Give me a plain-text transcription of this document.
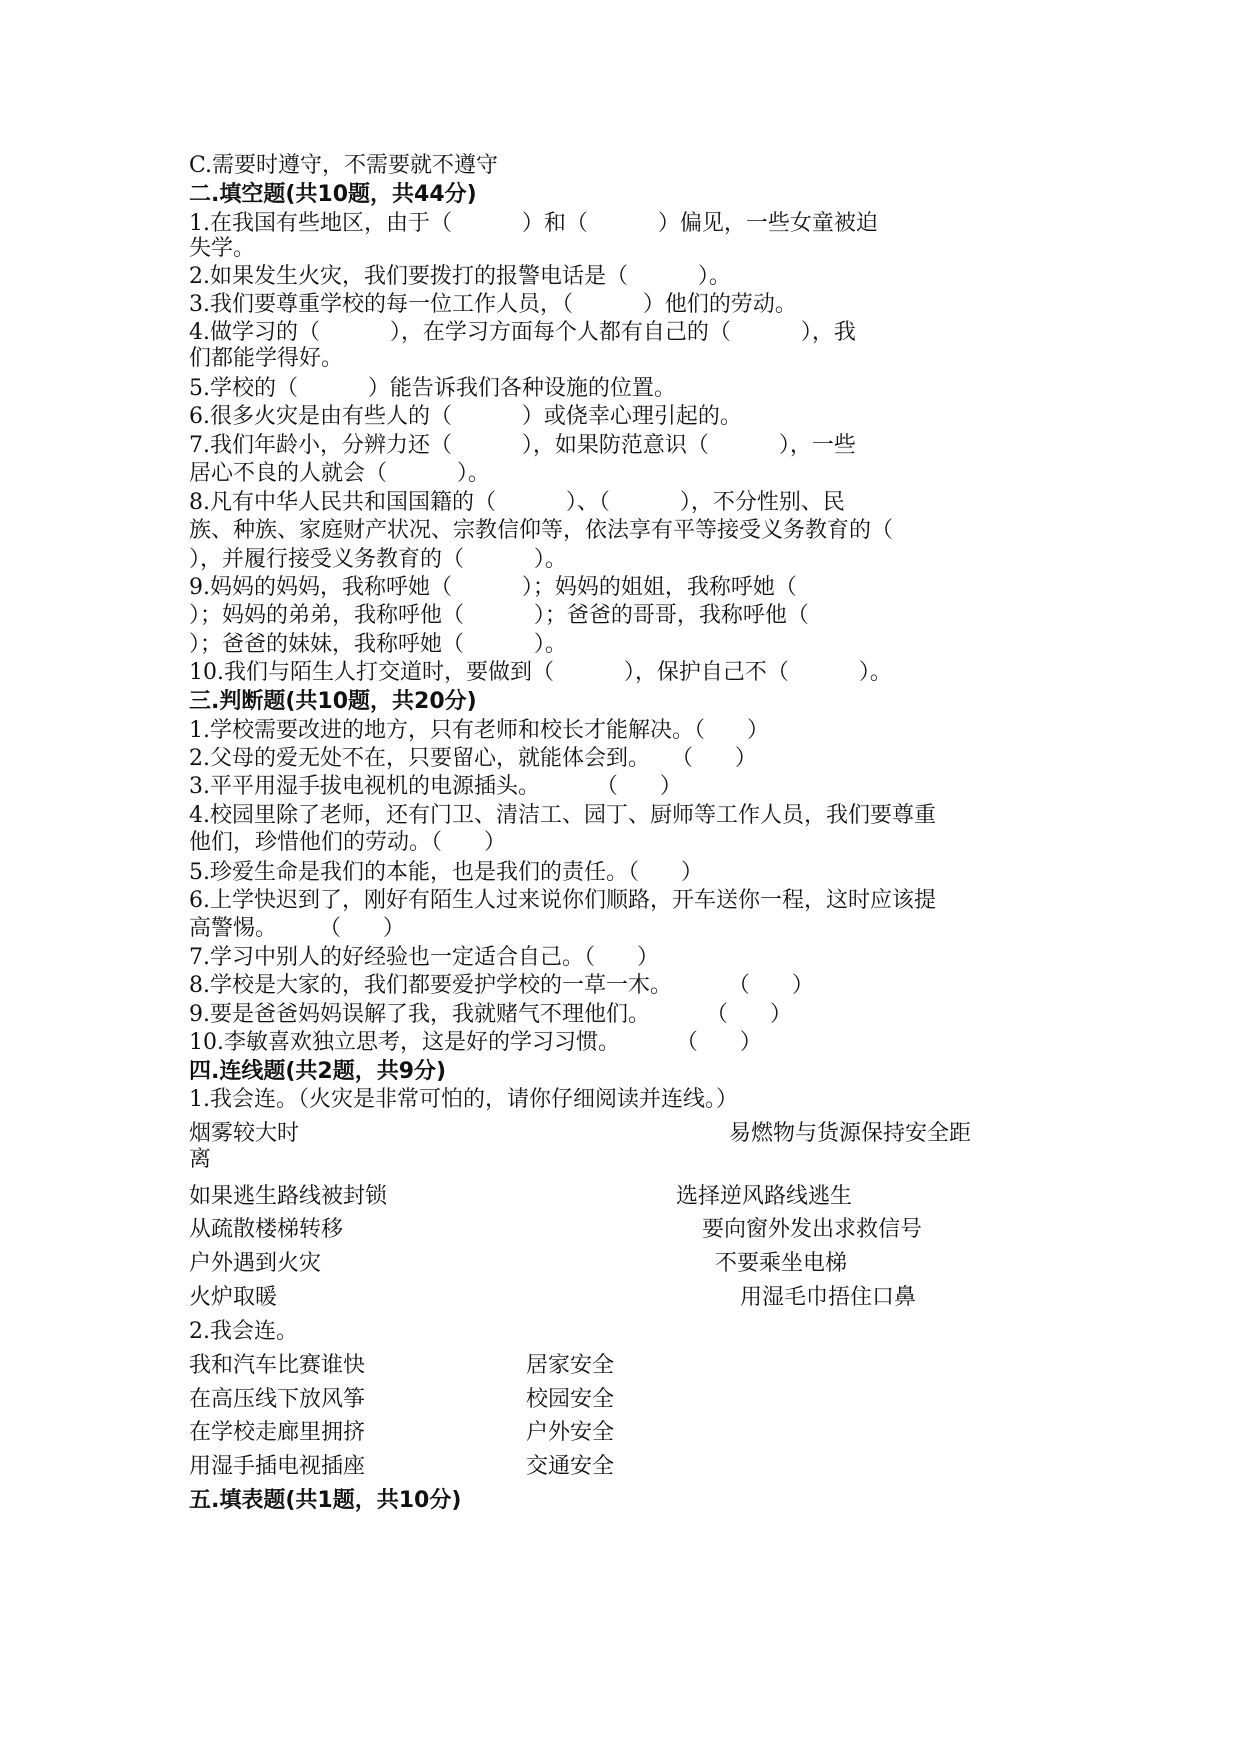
C.需要时遵守，不需要就不遵守
二.填空题(共10题，共44分)
1.在我国有些地区，由于（          ）和（          ）偏见，一些女童被迫
失学。
2.如果发生火灾，我们要拨打的报警电话是（          ）。
3.我们要尊重学校的每一位工作人员，（          ）他们的劳动。
4.做学习的（          ），在学习方面每个人都有自己的（          ），我
们都能学得好。
5.学校的（          ）能告诉我们各种设施的位置。
6.很多火灾是由有些人的（          ）或侥幸心理引起的。
7.我们年龄小，分辨力还（          ），如果防范意识（          ），一些
居心不良的人就会（          ）。
8.凡有中华人民共和国国籍的（          ）、（          ），不分性别、民
族、种族、家庭财产状况、宗教信仰等，依法享有平等接受义务教育的（
），并履行接受义务教育的（          ）。
9.妈妈的妈妈，我称呼她（          ）；妈妈的姐姐，我称呼她（
）；妈妈的弟弟，我称呼他（          ）；爸爸的哥哥，我称呼他（
）；爸爸的妹妹，我称呼她（          ）。
10.我们与陌生人打交道时，要做到（          ），保护自己不（          ）。
三.判断题(共10题，共20分)
1.学校需要改进的地方，只有老师和校长才能解决。（      ）
2.父母的爱无处不在，只要留心，就能体会到。   （      ）
3.平平用湿手拔电视机的电源插头。        （      ）
4.校园里除了老师，还有门卫、清洁工、园丁、厨师等工作人员，我们要尊重
他们，珍惜他们的劳动。（      ）
5.珍爱生命是我们的本能，也是我们的责任。（      ）
6.上学快迟到了，刚好有陌生人过来说你们顺路，开车送你一程，这时应该提
高警惕。      （      ）
7.学习中别人的好经验也一定适合自己。（      ）
8.学校是大家的，我们都要爱护学校的一草一木。        （      ）
9.要是爸爸妈妈误解了我，我就赌气不理他们。        （      ）
10.李敏喜欢独立思考，这是好的学习习惯。        （      ）
四.连线题(共2题，共9分)
1.我会连。（火灾是非常可怕的，请你仔细阅读并连线。）
烟雾较大时
离
如果逃生路线被封锁
从疏散楼梯转移
户外遇到火灾
火炉取暖
易燃物与货源保持安全距
选择逆风路线逃生
要向窗外发出求救信号
不要乘坐电梯
用湿毛巾捂住口鼻
2.我会连。
我和汽车比赛谁快
在高压线下放风筝
在学校走廊里拥挤
用湿手插电视插座
居家安全
校园安全
户外安全
交通安全
五.填表题(共1题，共10分)
